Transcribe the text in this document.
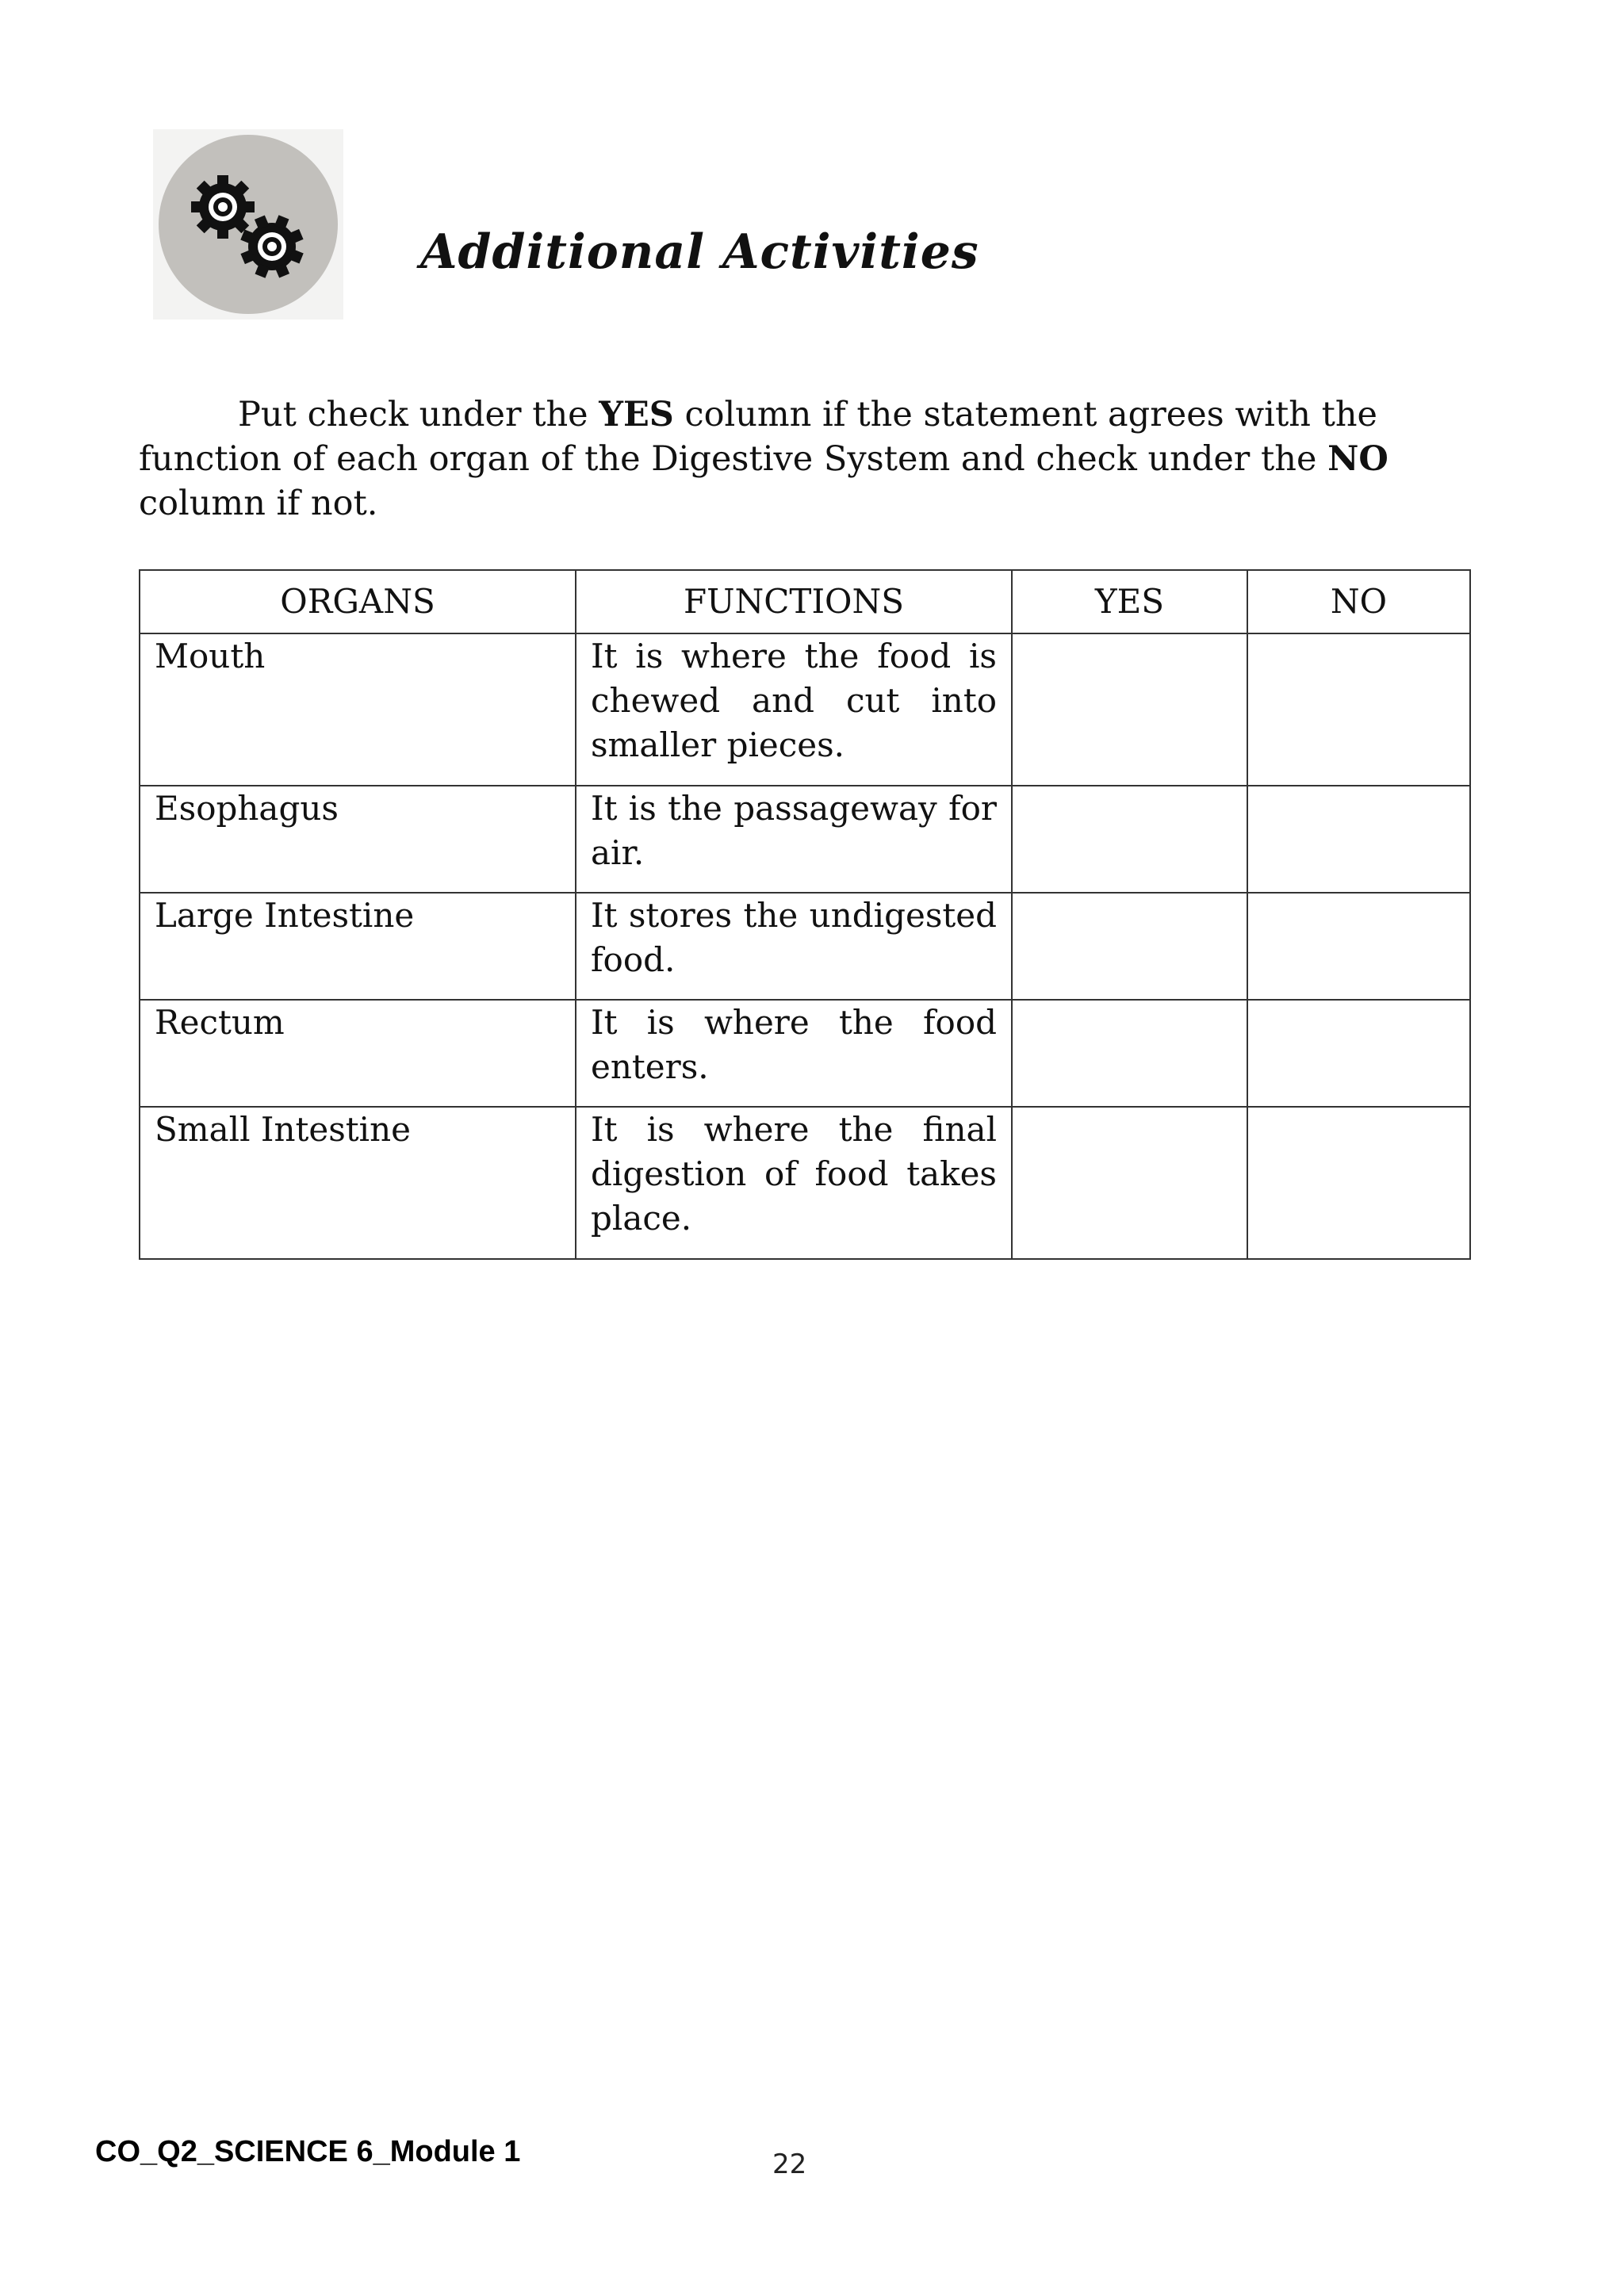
Additional Activities

Put check under the YES column if the statement agrees with the function of each organ of the Digestive System and check under the NO column if not.

ORGANS	FUNCTIONS	YES	NO
Mouth	It is where the food is chewed and cut into smaller pieces.		
Esophagus	It is the passageway for air.		
Large Intestine	It stores the undigested food.		
Rectum	It is where the food enters.		
Small Intestine	It is where the final digestion of food takes place.		
CO_Q2_SCIENCE 6_Module 1	22
